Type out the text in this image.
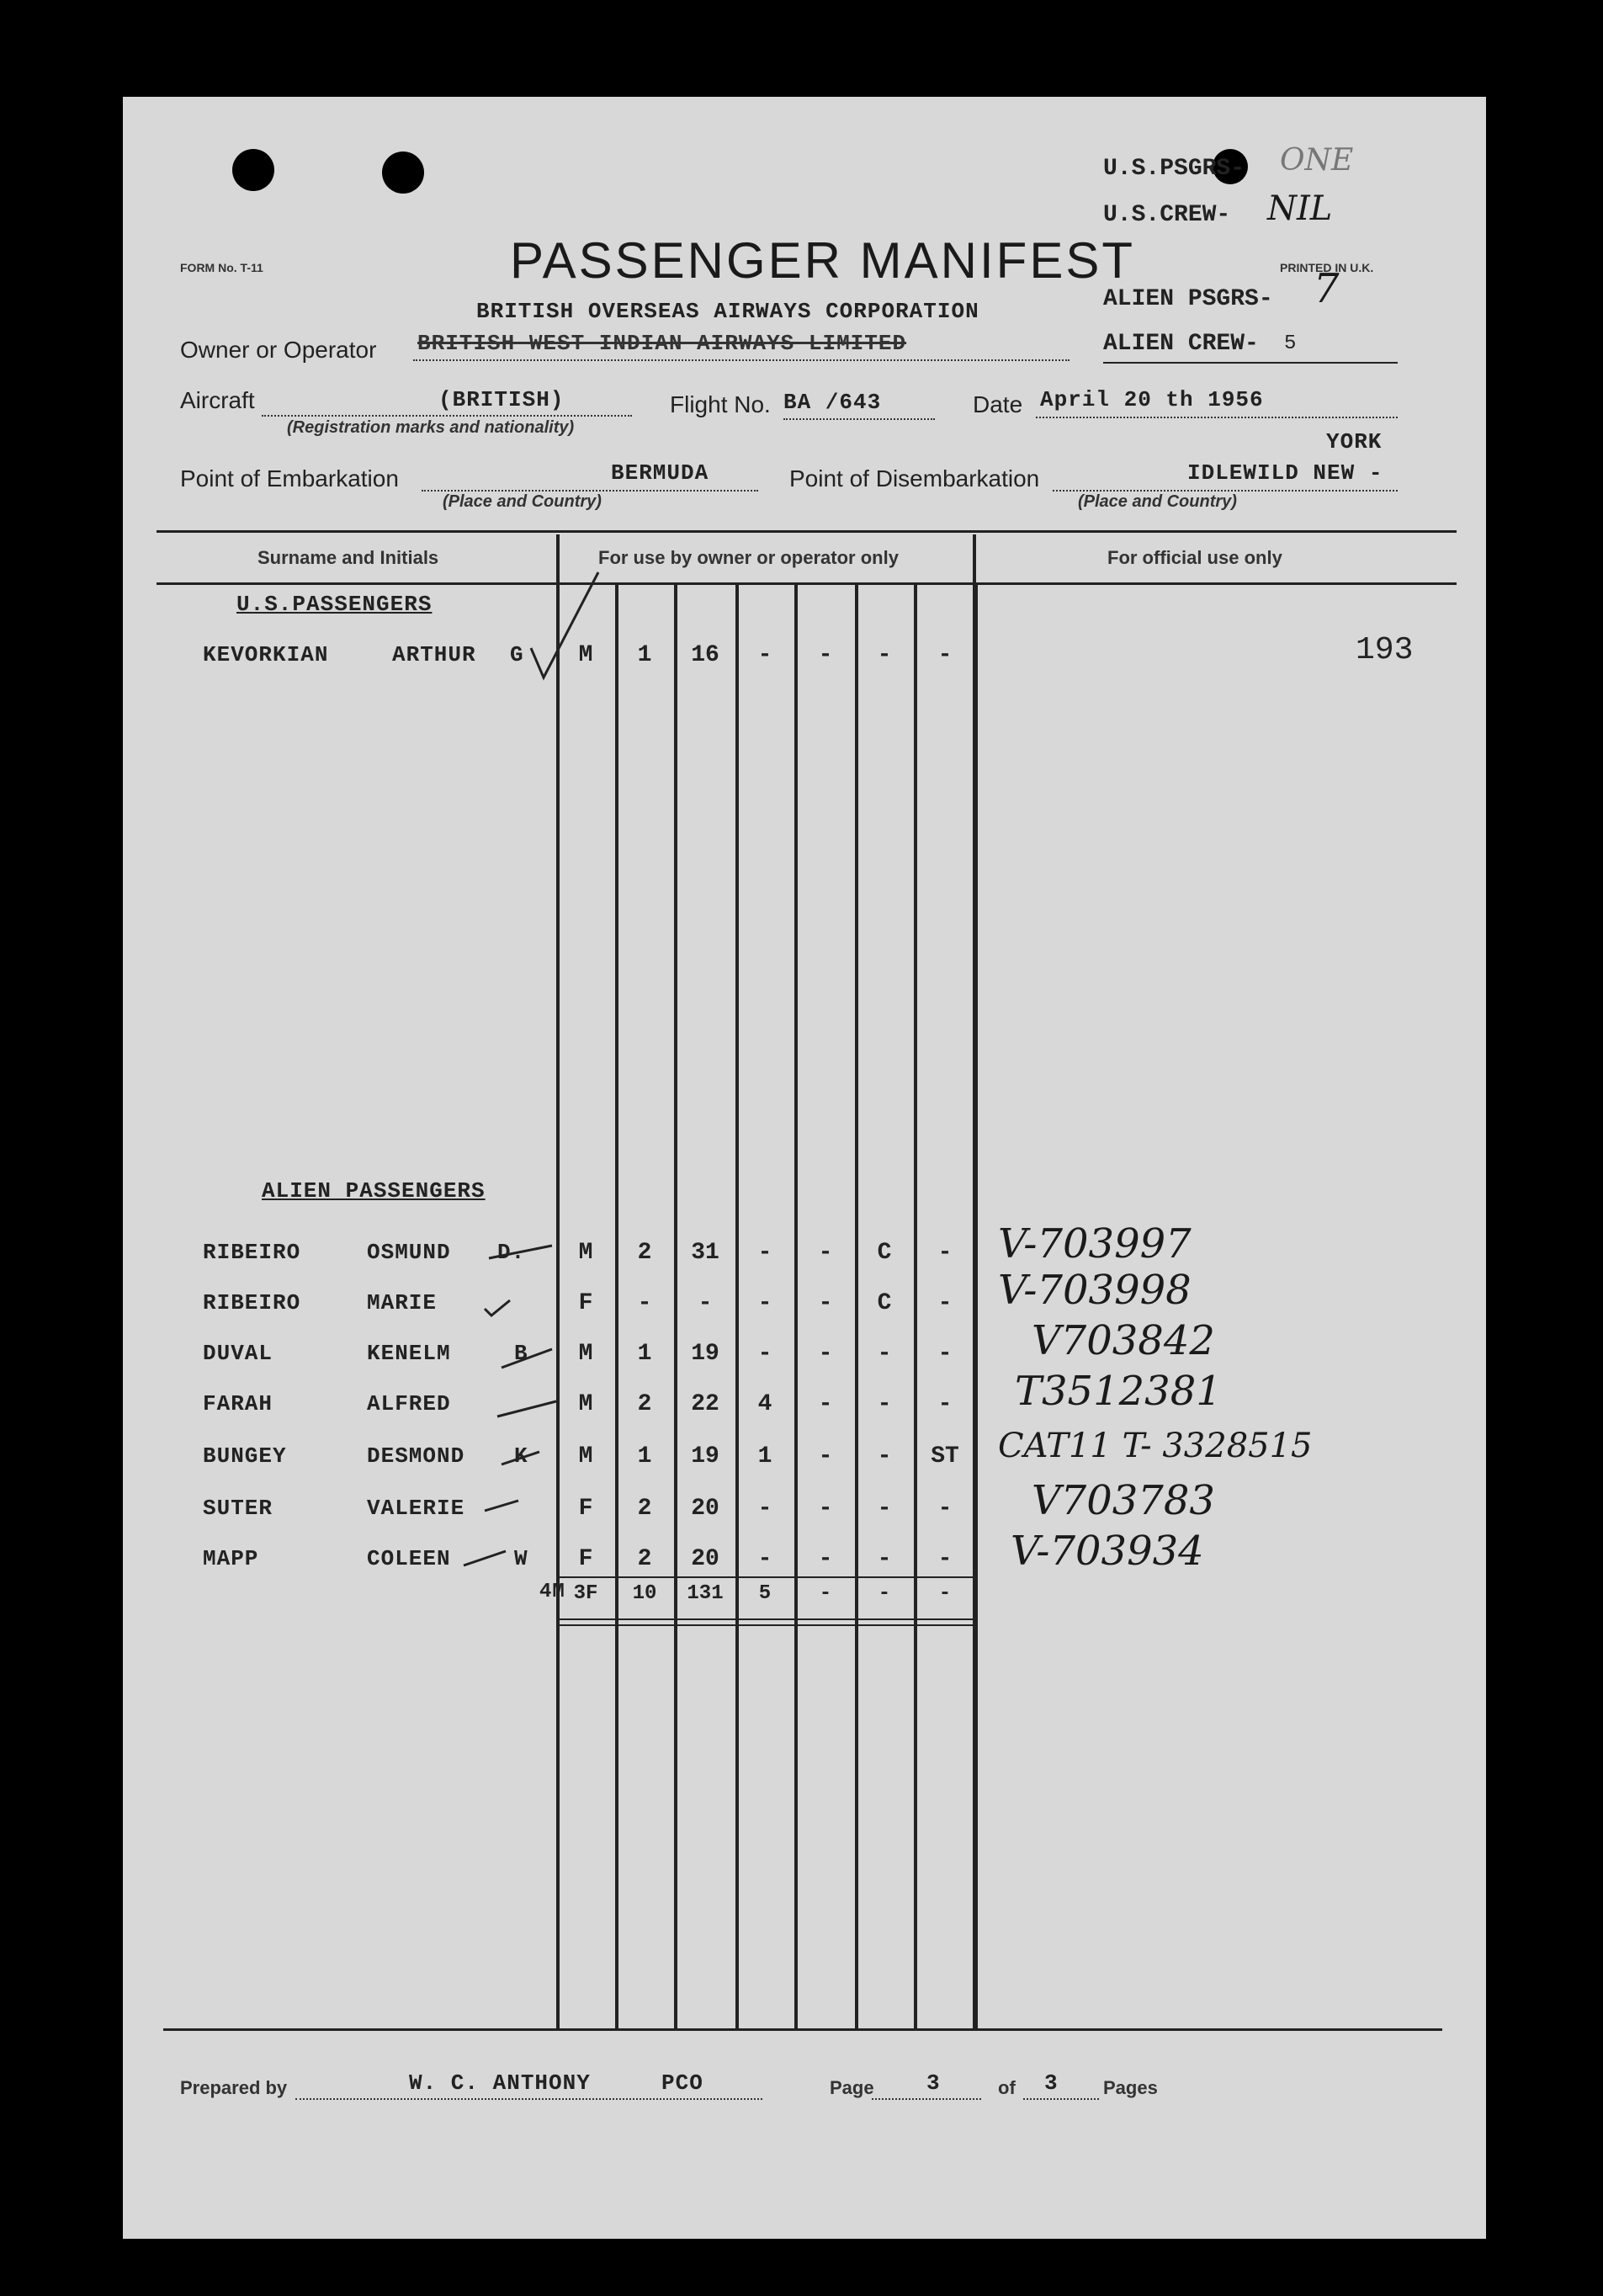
U.S.PSGRS- ONE
U.S.CREW- NIL
FORM No. T-11	PRINTED IN U.K.
PASSENGER MANIFEST
ALIEN PSGRS- 7
ALIEN CREW- 5
BRITISH OVERSEAS AIRWAYS CORPORATION
Owner or Operator BRITISH WEST INDIAN AIRWAYS LIMITED
Aircraft	(BRITISH)
(Registration marks and nationality)
Flight No. BA /643	Date April 20 th 1956
YORK
Point of Embarkation	BERMUDA
(Place and Country)
Point of Disembarkation	IDLEWILD NEW -
(Place and Country)
Surname and Initials	For use by owner or operator only	For official use only
U.S.PASSENGERS
KEVORKIAN	ARTHUR G	M	1	16	-	-	-	-	193
ALIEN PASSENGERS
RIBEIRO	OSMUND D.	M	2	31	-	-	C	-	V-703997
RIBEIRO	MARIE	F	-	-	-	-	C	-	V-703998
DUVAL	KENELM	B	M	1	19	-	-	-	-	V703842
FARAH	ALFRED	M	2	22	4	-	-	-	T3512381
BUNGEY	DESMOND K	M	1	19	1	-	-	ST	CAT11 T- 3328515
SUTER	VALERIE	F	2	20	-	-	-	-	V703783
MAPP	COLEEN	W	F	2	20	-	-	-	-	V-703934
4M 3F	10	131	5	-	-	-
Prepared by	W. C. ANTHONY	PCO	Page 3	of 3 Pages
